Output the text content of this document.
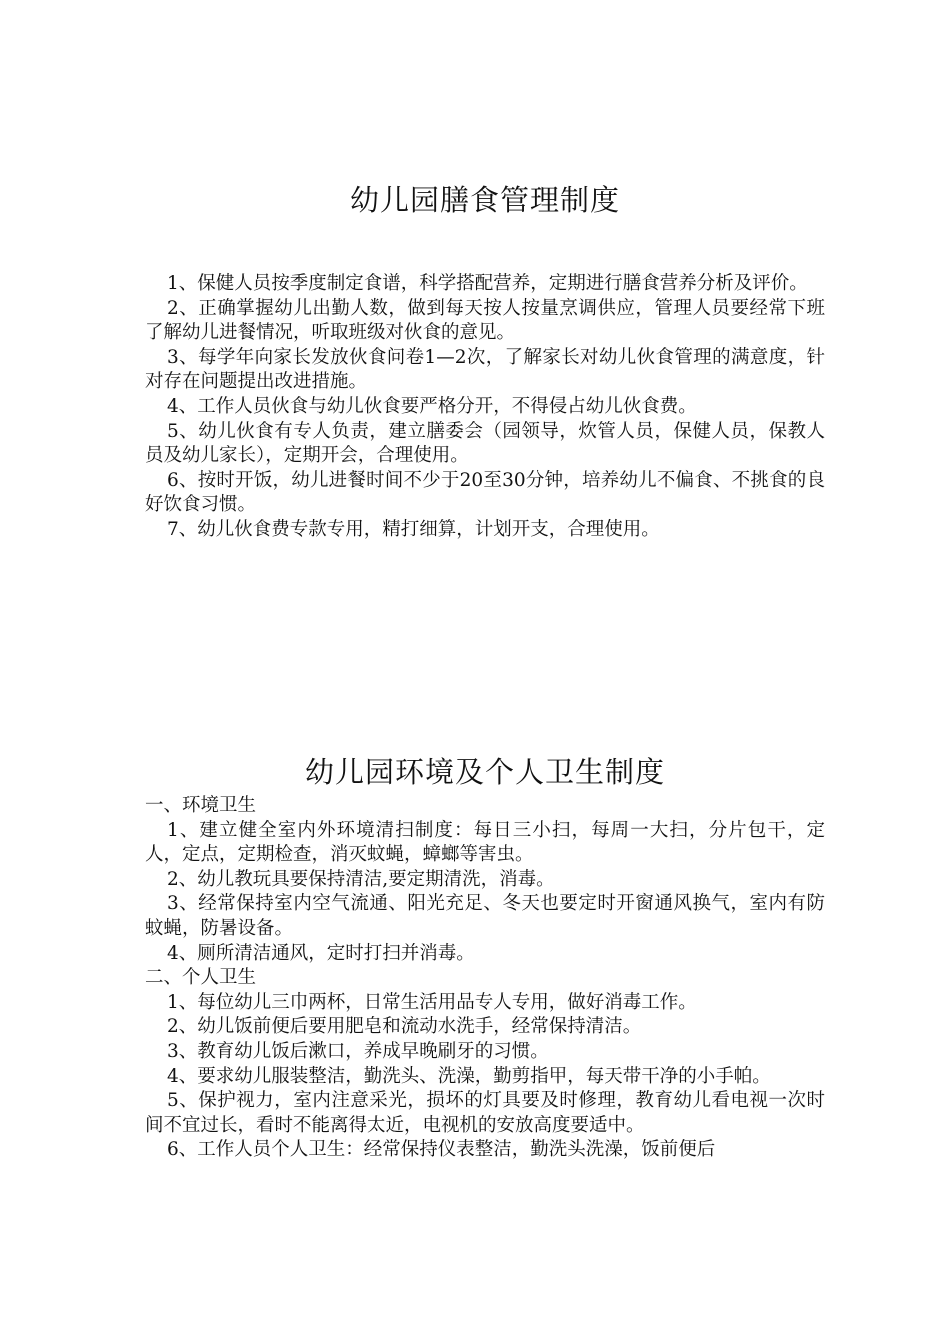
幼儿园膳食管理制度

1、保健人员按季度制定食谱，科学搭配营养，定期进行膳食营养分析及评价。

2、正确掌握幼儿出勤人数，做到每天按人按量烹调供应，管理人员要经常下班了解幼儿进餐情况，听取班级对伙食的意见。

3、每学年向家长发放伙食问卷1—2次，了解家长对幼儿伙食管理的满意度，针对存在问题提出改进措施。

4、工作人员伙食与幼儿伙食要严格分开，不得侵占幼儿伙食费。

5、幼儿伙食有专人负责，建立膳委会（园领导，炊管人员，保健人员，保教人员及幼儿家长），定期开会，合理使用。

6、按时开饭，幼儿进餐时间不少于20至30分钟，培养幼儿不偏食、不挑食的良好饮食习惯。

7、幼儿伙食费专款专用，精打细算，计划开支，合理使用。

幼儿园环境及个人卫生制度

一、环境卫生

1、建立健全室内外环境清扫制度：每日三小扫，每周一大扫，分片包干，定人，定点，定期检查，消灭蚊蝇，蟑螂等害虫。

2、幼儿教玩具要保持清洁,要定期清洗，消毒。

3、经常保持室内空气流通、阳光充足、冬天也要定时开窗通风换气，室内有防蚊蝇，防暑设备。

4、厕所清洁通风，定时打扫并消毒。

二、个人卫生

1、每位幼儿三巾两杯，日常生活用品专人专用，做好消毒工作。

2、幼儿饭前便后要用肥皂和流动水洗手，经常保持清洁。

3、教育幼儿饭后漱口，养成早晚刷牙的习惯。

4、要求幼儿服装整洁，勤洗头、洗澡，勤剪指甲，每天带干净的小手帕。

5、保护视力，室内注意采光，损坏的灯具要及时修理，教育幼儿看电视一次时间不宜过长，看时不能离得太近，电视机的安放高度要适中。

6、工作人员个人卫生：经常保持仪表整洁，勤洗头洗澡，饭前便后
